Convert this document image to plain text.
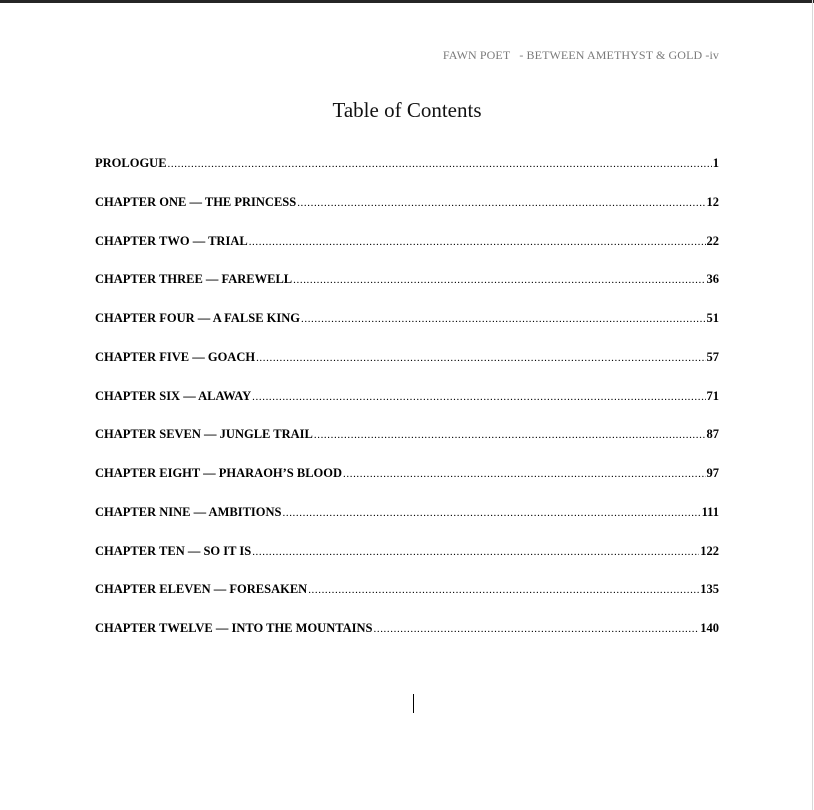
FAWN POET   - BETWEEN AMETHYST & GOLD -iv
Table of Contents
PROLOGUE .....	1
CHAPTER ONE — THE PRINCESS .....	12
CHAPTER TWO — TRIAL .....	22
CHAPTER THREE — FAREWELL .....	36
CHAPTER FOUR — A FALSE KING .....	51
CHAPTER FIVE — GOACH .....	57
CHAPTER SIX — ALAWAY .....	71
CHAPTER SEVEN — JUNGLE TRAIL .....	87
CHAPTER EIGHT — PHARAOH’S BLOOD .....	97
CHAPTER NINE — AMBITIONS .....	111
CHAPTER TEN — SO IT IS .....	122
CHAPTER ELEVEN — FORESAKEN .....	135
CHAPTER TWELVE — INTO THE MOUNTAINS .....	140
